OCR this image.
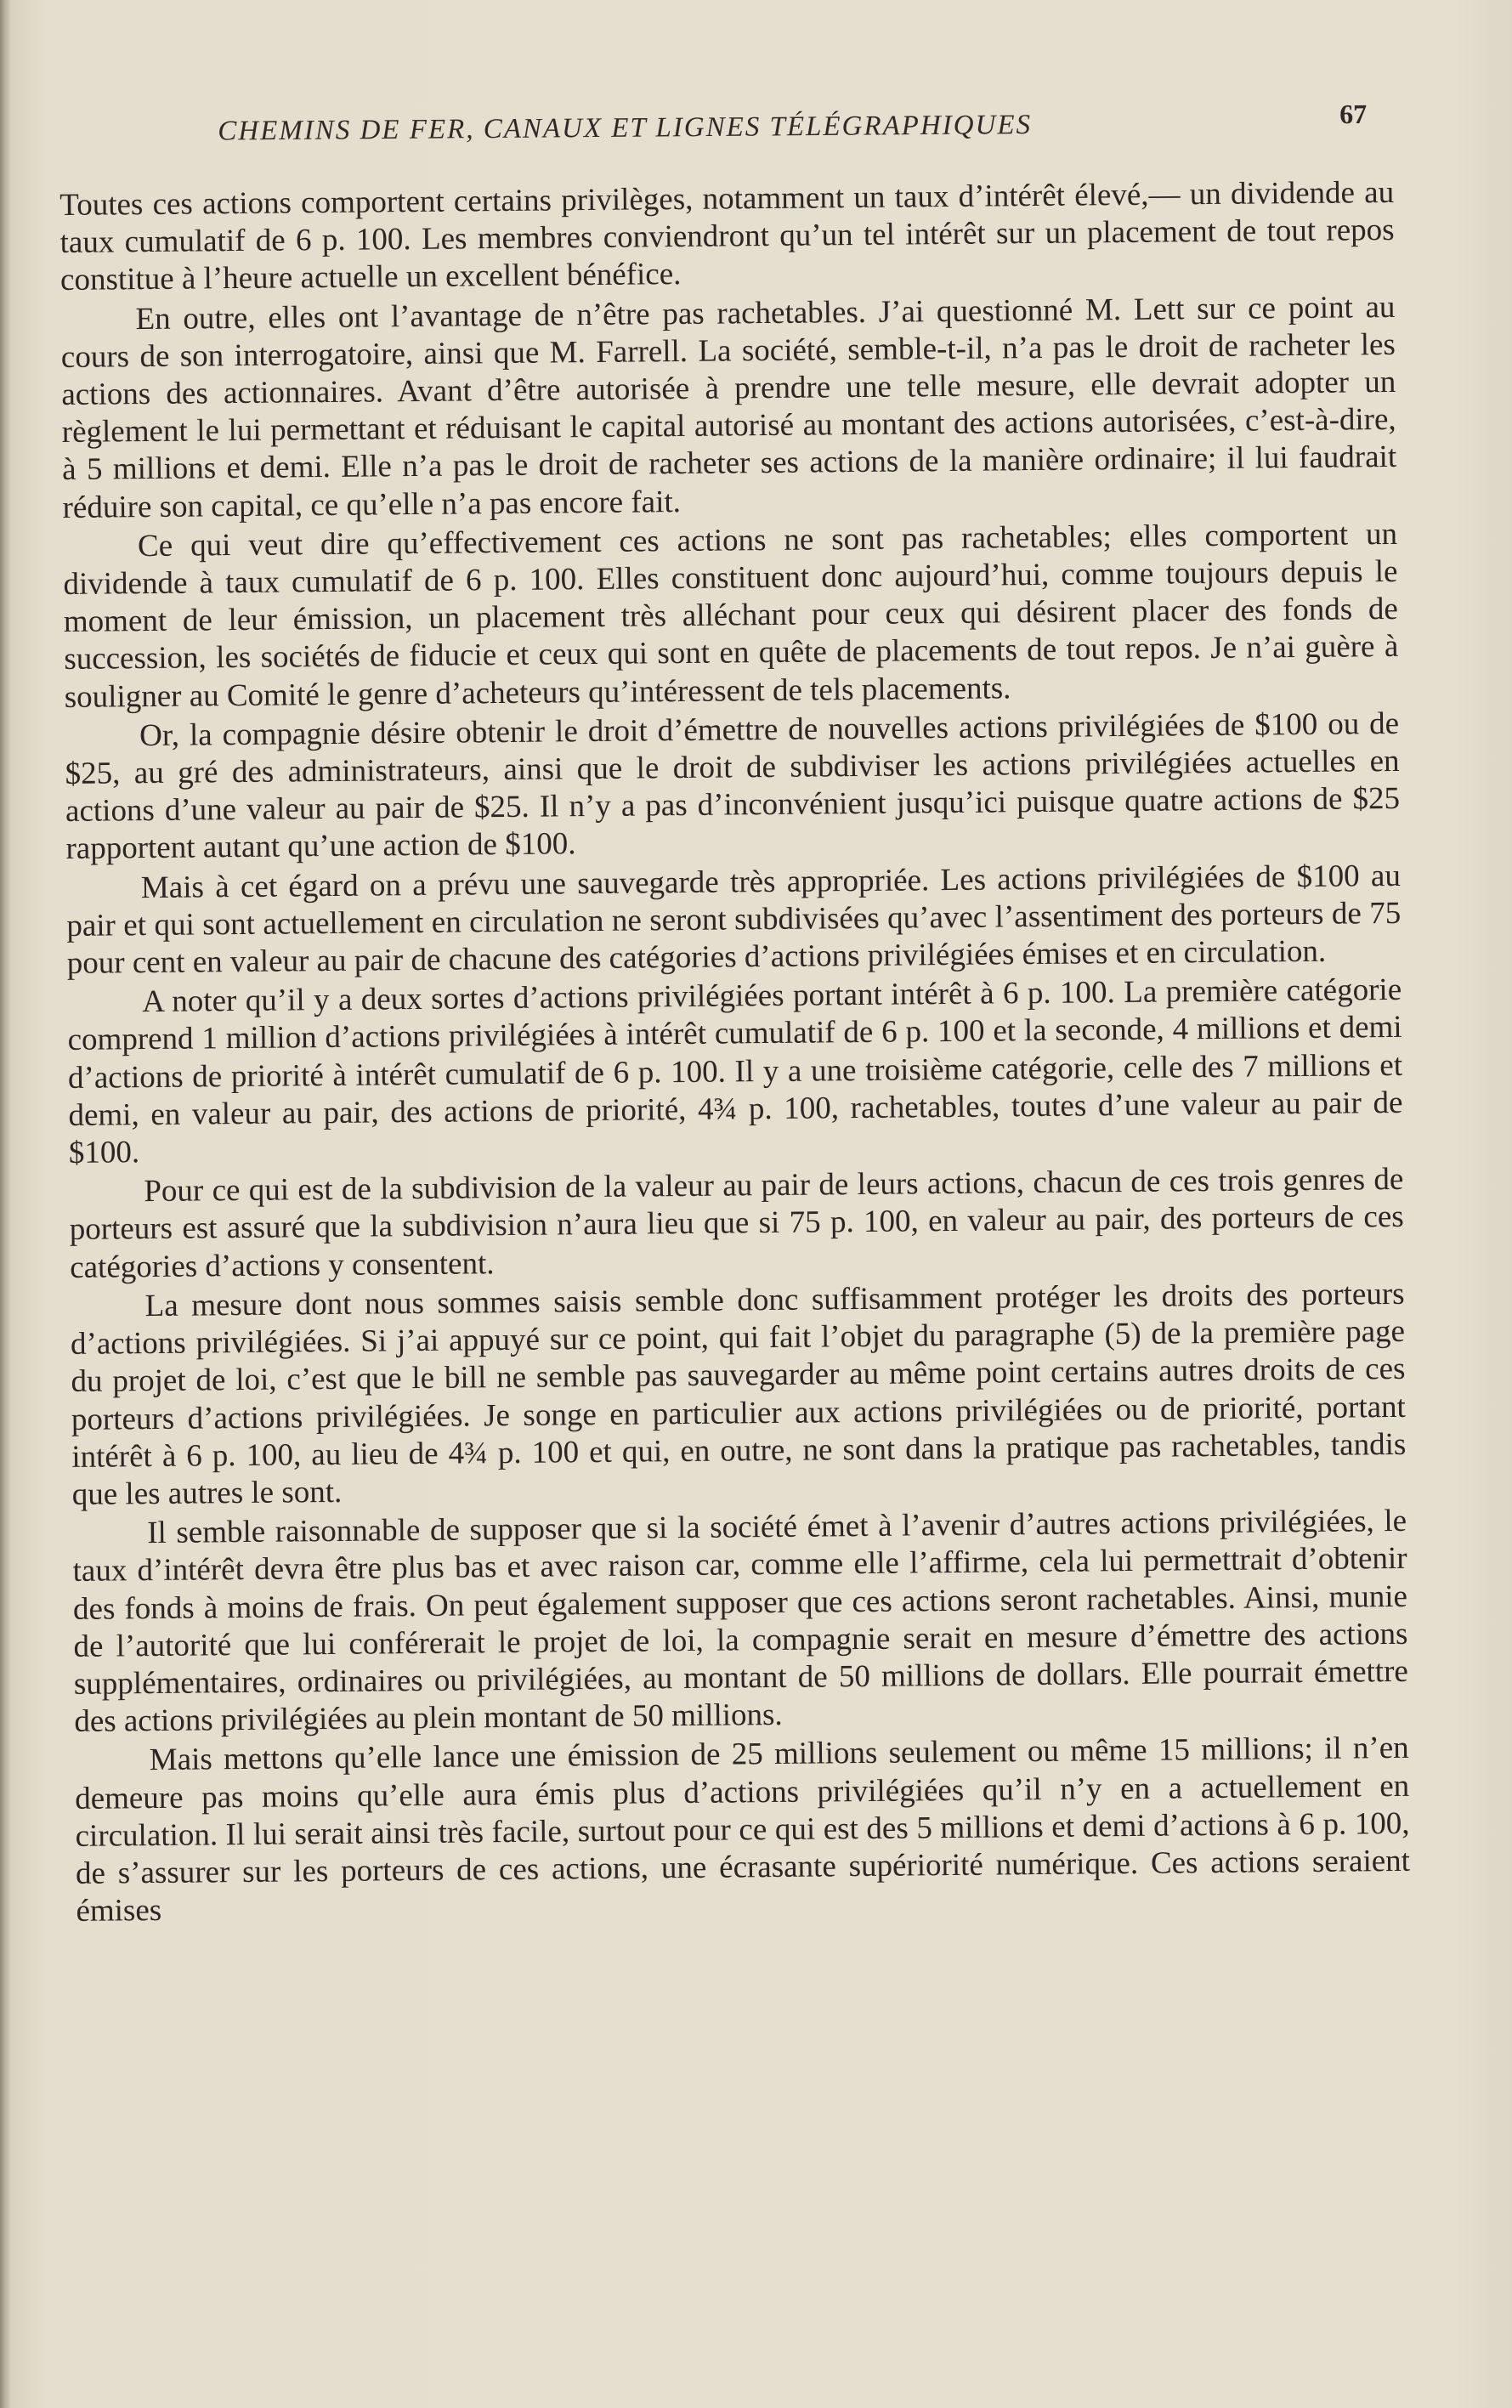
CHEMINS DE FER, CANAUX ET LIGNES TÉLÉGRAPHIQUES	67

Toutes ces actions comportent certains privilèges, notamment un taux d’intérêt élevé,— un dividende au taux cumulatif de 6 p. 100. Les membres conviendront qu’un tel intérêt sur un placement de tout repos constitue à l’heure actuelle un excellent bénéfice.

En outre, elles ont l’avantage de n’être pas rachetables. J’ai questionné M. Lett sur ce point au cours de son interrogatoire, ainsi que M. Farrell. La société, semble-t-il, n’a pas le droit de racheter les actions des actionnaires. Avant d’être autorisée à prendre une telle mesure, elle devrait adopter un règlement le lui permettant et réduisant le capital autorisé au montant des actions autorisées, c’est-à-dire, à 5 millions et demi. Elle n’a pas le droit de racheter ses actions de la manière ordinaire; il lui faudrait réduire son capital, ce qu’elle n’a pas encore fait.

Ce qui veut dire qu’effectivement ces actions ne sont pas rachetables; elles comportent un dividende à taux cumulatif de 6 p. 100. Elles constituent donc aujourd’hui, comme toujours depuis le moment de leur émission, un placement très alléchant pour ceux qui désirent placer des fonds de succession, les sociétés de fiducie et ceux qui sont en quête de placements de tout repos. Je n’ai guère à souligner au Comité le genre d’acheteurs qu’intéressent de tels placements.

Or, la compagnie désire obtenir le droit d’émettre de nouvelles actions privilégiées de $100 ou de $25, au gré des administrateurs, ainsi que le droit de subdiviser les actions privilégiées actuelles en actions d’une valeur au pair de $25. Il n’y a pas d’inconvénient jusqu’ici puisque quatre actions de $25 rapportent autant qu’une action de $100.

Mais à cet égard on a prévu une sauvegarde très appropriée. Les actions privilégiées de $100 au pair et qui sont actuellement en circulation ne seront subdivisées qu’avec l’assentiment des porteurs de 75 pour cent en valeur au pair de chacune des catégories d’actions privilégiées émises et en circulation.

A noter qu’il y a deux sortes d’actions privilégiées portant intérêt à 6 p. 100. La première catégorie comprend 1 million d’actions privilégiées à intérêt cumulatif de 6 p. 100 et la seconde, 4 millions et demi d’actions de priorité à intérêt cumulatif de 6 p. 100. Il y a une troisième catégorie, celle des 7 millions et demi, en valeur au pair, des actions de priorité, 4¾ p. 100, rachetables, toutes d’une valeur au pair de $100.

Pour ce qui est de la subdivision de la valeur au pair de leurs actions, chacun de ces trois genres de porteurs est assuré que la subdivision n’aura lieu que si 75 p. 100, en valeur au pair, des porteurs de ces catégories d’actions y consentent.

La mesure dont nous sommes saisis semble donc suffisamment protéger les droits des porteurs d’actions privilégiées. Si j’ai appuyé sur ce point, qui fait l’objet du paragraphe (5) de la première page du projet de loi, c’est que le bill ne semble pas sauvegarder au même point certains autres droits de ces porteurs d’actions privilégiées. Je songe en particulier aux actions privilégiées ou de priorité, portant intérêt à 6 p. 100, au lieu de 4¾ p. 100 et qui, en outre, ne sont dans la pratique pas rachetables, tandis que les autres le sont.

Il semble raisonnable de supposer que si la société émet à l’avenir d’autres actions privilégiées, le taux d’intérêt devra être plus bas et avec raison car, comme elle l’affirme, cela lui permettrait d’obtenir des fonds à moins de frais. On peut également supposer que ces actions seront rachetables. Ainsi, munie de l’autorité que lui conférerait le projet de loi, la compagnie serait en mesure d’émettre des actions supplémentaires, ordinaires ou privilégiées, au montant de 50 millions de dollars. Elle pourrait émettre des actions privilégiées au plein montant de 50 millions.

Mais mettons qu’elle lance une émission de 25 millions seulement ou même 15 millions; il n’en demeure pas moins qu’elle aura émis plus d’actions privilégiées qu’il n’y en a actuellement en circulation. Il lui serait ainsi très facile, surtout pour ce qui est des 5 millions et demi d’actions à 6 p. 100, de s’assurer sur les porteurs de ces actions, une écrasante supériorité numérique. Ces actions seraient émises
